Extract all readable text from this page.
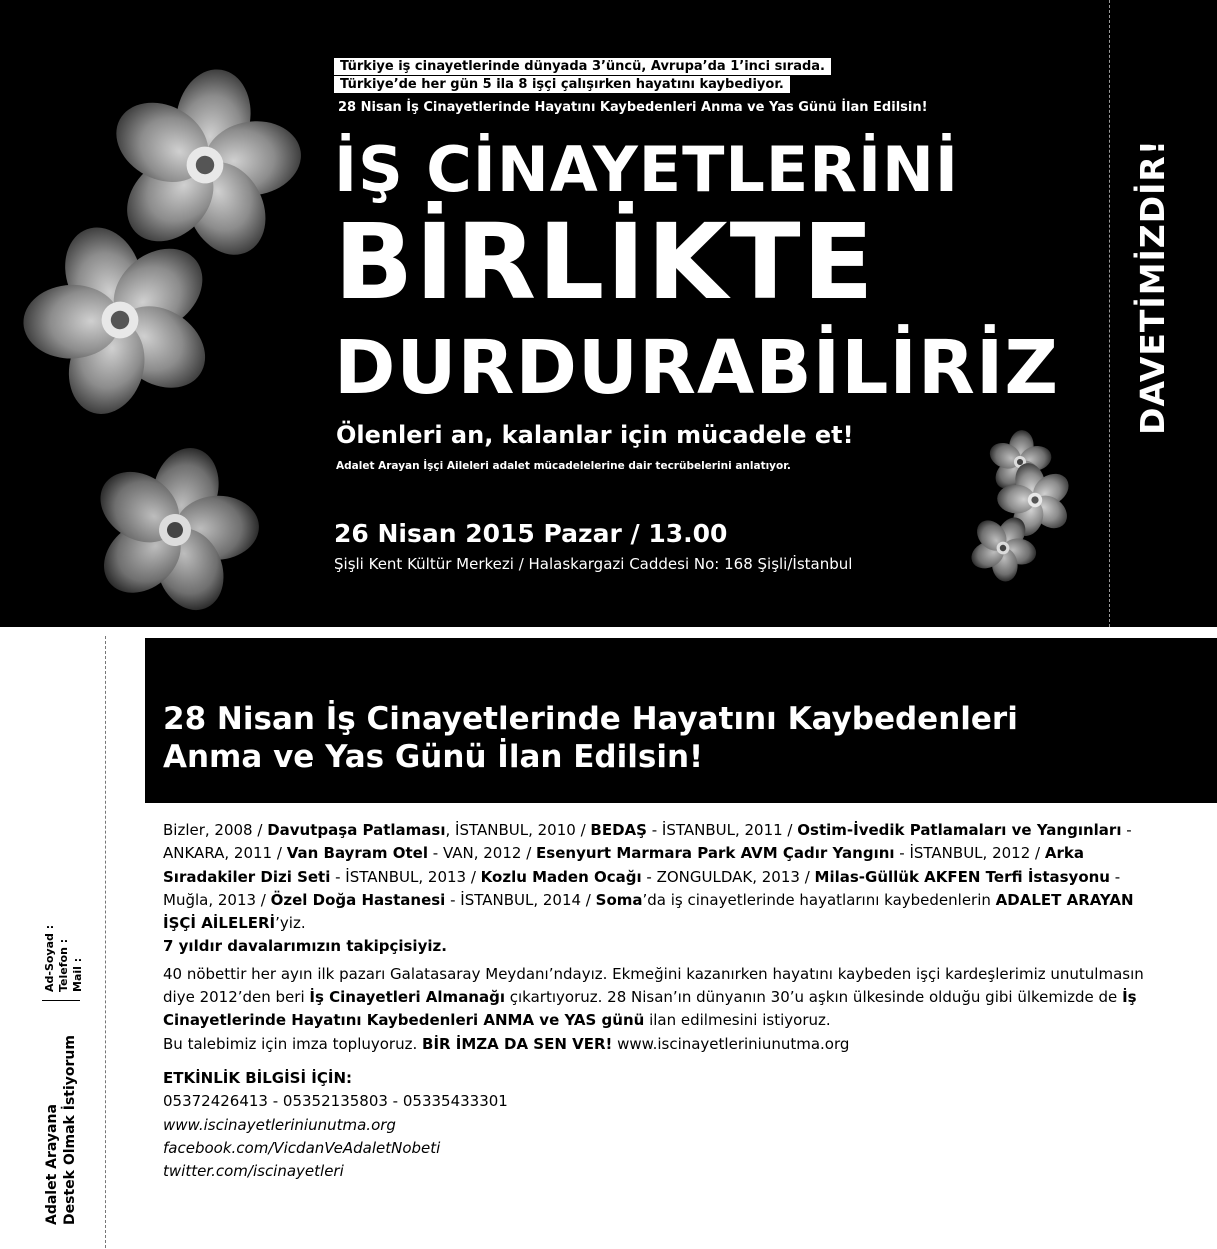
Türkiye iş cinayetlerinde dünyada 3’üncü, Avrupa’da 1’inci sırada.
Türkiye’de her gün 5 ila 8 işçi çalışırken hayatını kaybediyor.
28 Nisan İş Cinayetlerinde Hayatını Kaybedenleri Anma ve Yas Günü İlan Edilsin!
İŞ CİNAYETLERİNİ
BİRLİKTE
DURDURABİLİRİZ
Ölenleri an, kalanlar için mücadele et!
Adalet Arayan İşçi Aileleri adalet mücadelelerine dair tecrübelerini anlatıyor.
26 Nisan 2015 Pazar / 13.00
Şişli Kent Kültür Merkezi / Halaskargazi Caddesi No: 168 Şişli/İstanbul
DAVETİMİZDİR!
28 Nisan İş Cinayetlerinde Hayatını Kaybedenleri
Anma ve Yas Günü İlan Edilsin!

Bizler, 2008 / Davutpaşa Patlaması, İSTANBUL, 2010 / BEDAŞ - İSTANBUL, 2011 / Ostim-İvedik Patlamaları ve Yangınları - ANKARA, 2011 / Van Bayram Otel - VAN, 2012 / Esenyurt Marmara Park AVM Çadır Yangını - İSTANBUL, 2012 / Arka Sıradakiler Dizi Seti - İSTANBUL, 2013 / Kozlu Maden Ocağı - ZONGULDAK, 2013 / Milas-Güllük AKFEN Terfi İstasyonu - Muğla, 2013 / Özel Doğa Hastanesi - İSTANBUL, 2014 / Soma’da iş cinayetlerinde hayatlarını kaybedenlerin ADALET ARAYAN İŞÇİ AİLELERİ’yiz.

7 yıldır davalarımızın takipçisiyiz.

40 nöbettir her ayın ilk pazarı Galatasaray Meydanı’ndayız. Ekmeğini kazanırken hayatını kaybeden işçi kardeşlerimiz unutulmasın diye 2012’den beri İş Cinayetleri Almanağı çıkartıyoruz. 28 Nisan’ın dünyanın 30’u aşkın ülkesinde olduğu gibi ülkemizde de İş Cinayetlerinde Hayatını Kaybedenleri ANMA ve YAS günü ilan edilmesini istiyoruz.
Bu talebimiz için imza topluyoruz. BİR İMZA DA SEN VER! www.iscinayetleriniunutma.org

ETKİNLİK BİLGİSİ İÇİN:

05372426413 - 05352135803 - 05335433301

www.iscinayetleriniunutma.org

facebook.com/VicdanVeAdaletNobeti

twitter.com/iscinayetleri

Adalet Arayana Destek Olmak İstiyorum
Ad-Soyad : Telefon : Mail :
